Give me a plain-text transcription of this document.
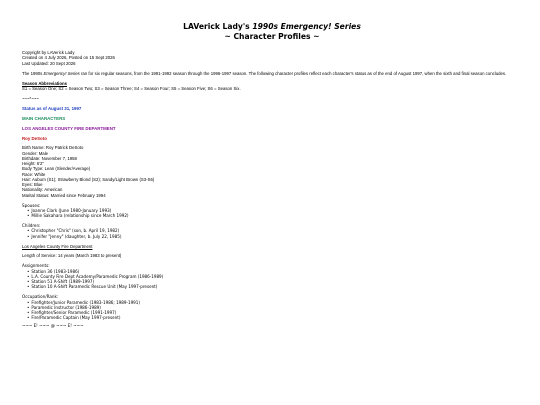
LAVerick Lady's 1990s Emergency! Series
~ Character Profiles ~

Copyright by LAVerick Lady

Created on 4 July 2026, Posted on 15 Sept 2026

Last Updated: 20 Sept 2026

The 1990s Emergency! Series ran for six regular seasons, from the 1991-1992 season through the 1996-1997 season. The following character profiles reflect each character's status as of the end of August 1997, when the sixth and final season concludes.

Season Abbreviations

S1 = Season One; S2 = Season Two; S3 = Season Three; S4 = Season Four; S5 = Season Five; S6 = Season Six.

~~~*~~~

Status as of August 31, 1997

MAIN CHARACTERS

LOS ANGELES COUNTY FIRE DEPARTMENT

Roy DeSoto

Birth Name: Roy Patrick DeSoto

Gender: Male

Birthdate: November 7, 1958

Height: 6'2"

Body Type: Lean (Slender/Average)

Race: White

Hair: Auburn (S1); Strawberry Blond (S2); Sandy/Light Brown (S3-S6)

Eyes: Blue

Nationality: American

Marital Status: Married since February 1994

Spouses:

• Joanne Clark (June 1980-January 1993)
• Millie Sakahara (relationship since March 1992)

Children:

• Christopher "Chris" (son, b. April 19, 1982)
• Jennifer "Jenny" (daughter, b. July 22, 1985)

Los Angeles County Fire Department

Length of Service: 14 years (March 1983 to present)

Assignments:

• Station 36 (1983-1986)
• L.A. County Fire Dept Academy/Paramedic Program (1986-1989)
• Station 51 A-Shift (1989-1997)
• Station 10 A-Shift Paramedic Rescue Unit (May 1997-present)

Occupation/Rank:

• Firefighter/Junior Paramedic (1983-1986; 1989-1991)
• Paramedic Instructor (1986-1989)
• Firefighter/Senior Paramedic (1991-1997)
• Fire/Paramedic Captain (May 1997-present)

~~~ E! ~~~ @ ~~~ E! ~~~
